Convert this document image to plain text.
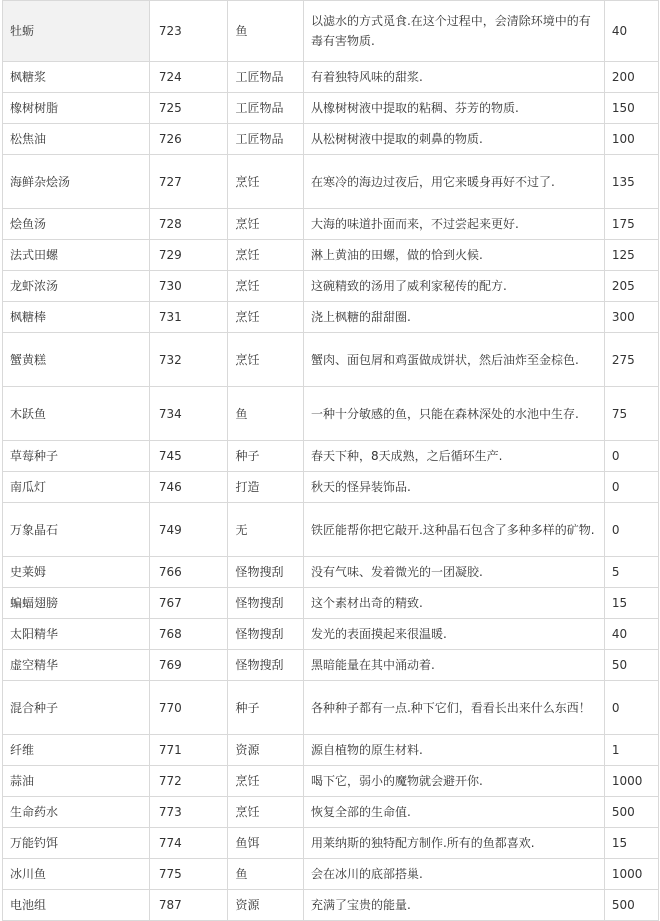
牡蛎	723	鱼	以滤水的方式觅食.在这个过程中，会清除环境中的有毒有害物质.	40
枫糖浆	724	工匠物品	有着独特风味的甜浆.	200
橡树树脂	725	工匠物品	从橡树树液中提取的粘稠、芬芳的物质.	150
松焦油	726	工匠物品	从松树树液中提取的刺鼻的物质.	100
海鲜杂烩汤	727	烹饪	在寒冷的海边过夜后，用它来暖身再好不过了.	135
烩鱼汤	728	烹饪	大海的味道扑面而来，不过尝起来更好.	175
法式田螺	729	烹饪	淋上黄油的田螺，做的恰到火候.	125
龙虾浓汤	730	烹饪	这碗精致的汤用了威利家秘传的配方.	205
枫糖棒	731	烹饪	浇上枫糖的甜甜圈.	300
蟹黄糕	732	烹饪	蟹肉、面包屑和鸡蛋做成饼状，然后油炸至金棕色.	275
木跃鱼	734	鱼	一种十分敏感的鱼，只能在森林深处的水池中生存.	75
草莓种子	745	种子	春天下种，8天成熟，之后循环生产.	0
南瓜灯	746	打造	秋天的怪异装饰品.	0
万象晶石	749	无	铁匠能帮你把它敲开.这种晶石包含了多种多样的矿物.	0
史莱姆	766	怪物搜刮	没有气味、发着微光的一团凝胶.	5
蝙蝠翅膀	767	怪物搜刮	这个素材出奇的精致.	15
太阳精华	768	怪物搜刮	发光的表面摸起来很温暖.	40
虚空精华	769	怪物搜刮	黑暗能量在其中涌动着.	50
混合种子	770	种子	各种种子都有一点.种下它们，看看长出来什么东西！	0
纤维	771	资源	源自植物的原生材料.	1
蒜油	772	烹饪	喝下它，弱小的魔物就会避开你.	1000
生命药水	773	烹饪	恢复全部的生命值.	500
万能钓饵	774	鱼饵	用莱纳斯的独特配方制作.所有的鱼都喜欢.	15
冰川鱼	775	鱼	会在冰川的底部搭巢.	1000
电池组	787	资源	充满了宝贵的能量.	500
